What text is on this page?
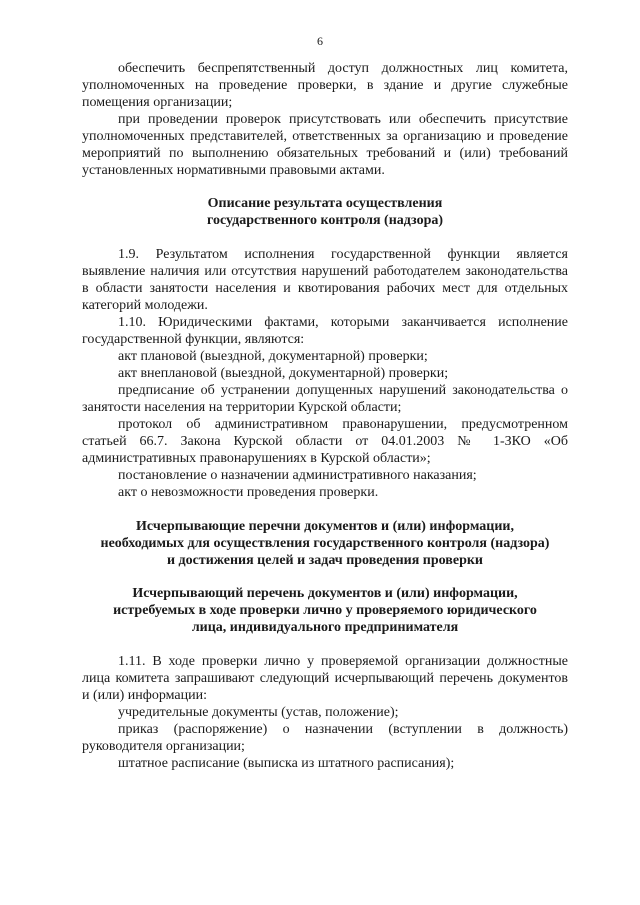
6

обеспечить беспрепятственный доступ должностных лиц комитета, уполномоченных на проведение проверки, в здание и другие служебные помещения организации;

при проведении проверок присутствовать или обеспечить присутствие уполномоченных представителей, ответственных за организацию и проведение мероприятий по выполнению обязательных требований и (или) требований установленных нормативными правовыми актами.

Описание результата осуществления
государственного контроля (надзора)

1.9. Результатом исполнения государственной функции является выявление наличия или отсутствия нарушений работодателем законодательства в области занятости населения и квотирования рабочих мест для отдельных категорий молодежи.

1.10. Юридическими фактами, которыми заканчивается исполнение государственной функции, являются:

акт плановой (выездной, документарной) проверки;

акт внеплановой (выездной, документарной) проверки;

предписание об устранении допущенных нарушений законодательства о занятости населения на территории Курской области;

протокол об административном правонарушении, предусмотренном статьей 66.7. Закона Курской области от 04.01.2003 № 1-ЗКО «Об административных правонарушениях в Курской области»;

постановление о назначении административного наказания;

акт о невозможности проведения проверки.

Исчерпывающие перечни документов и (или) информации,
необходимых для осуществления государственного контроля (надзора)
и достижения целей и задач проведения проверки
Исчерпывающий перечень документов и (или) информации,
истребуемых в ходе проверки лично у проверяемого юридического
лица, индивидуального предпринимателя

1.11. В ходе проверки лично у проверяемой организации должностные лица комитета запрашивают следующий исчерпывающий перечень документов и (или) информации:

учредительные документы (устав, положение);

приказ (распоряжение) о назначении (вступлении в должность) руководителя организации;

штатное расписание (выписка из штатного расписания);
